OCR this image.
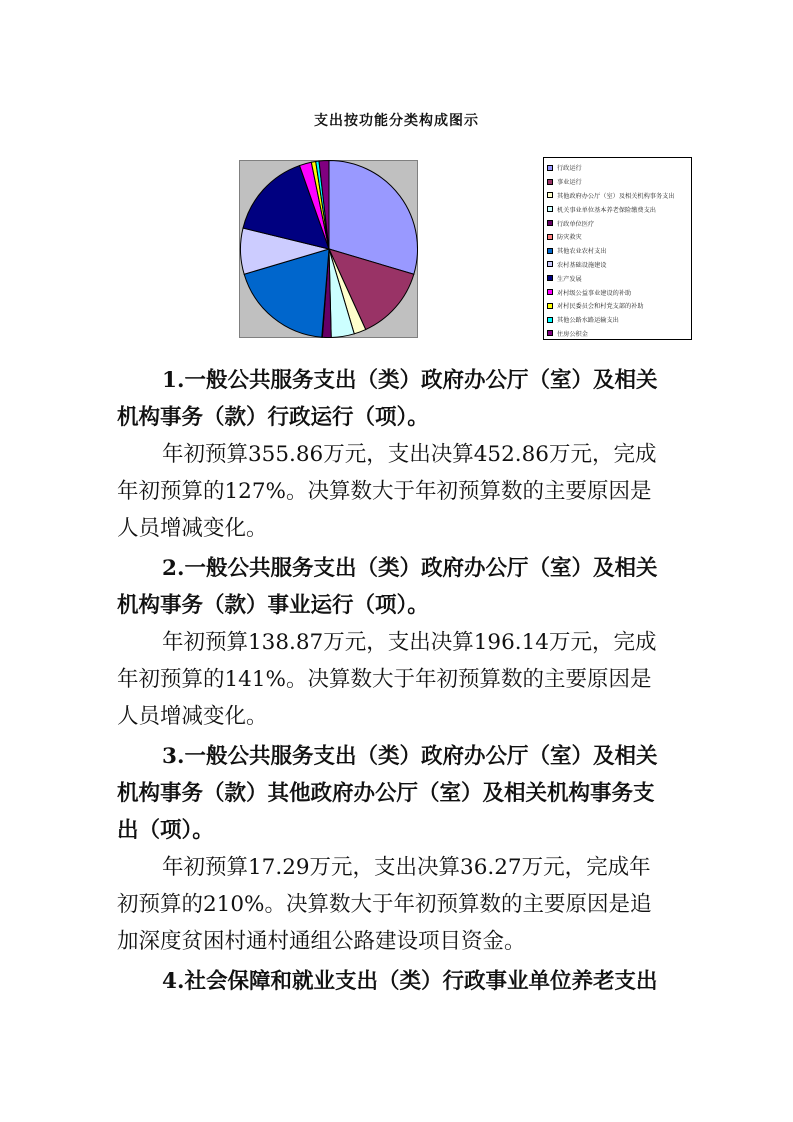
支出按功能分类构成图示
行政运行
事业运行
其他政府办公厅（室）及相关机构事务支出
机关事业单位基本养老保险缴费支出
行政单位医疗
防灾救灾
其他农业农村支出
农村基础设施建设
生产发展
对村级公益事业建设的补助
对村民委员会和村党支部的补助
其他公路水路运输支出
住房公积金

1.一般公共服务支出（类）政府办公厅（室）及相关机构事务（款）行政运行（项）。

年初预算355.86万元，支出决算452.86万元，完成年初预算的127%。决算数大于年初预算数的主要原因是人员增减变化。

2.一般公共服务支出（类）政府办公厅（室）及相关机构事务（款）事业运行（项）。

年初预算138.87万元，支出决算196.14万元，完成年初预算的141%。决算数大于年初预算数的主要原因是人员增减变化。

3.一般公共服务支出（类）政府办公厅（室）及相关机构事务（款）其他政府办公厅（室）及相关机构事务支出（项）。

年初预算17.29万元，支出决算36.27万元，完成年初预算的210%。决算数大于年初预算数的主要原因是追加深度贫困村通村通组公路建设项目资金。

4.社会保障和就业支出（类）行政事业单位养老支出
